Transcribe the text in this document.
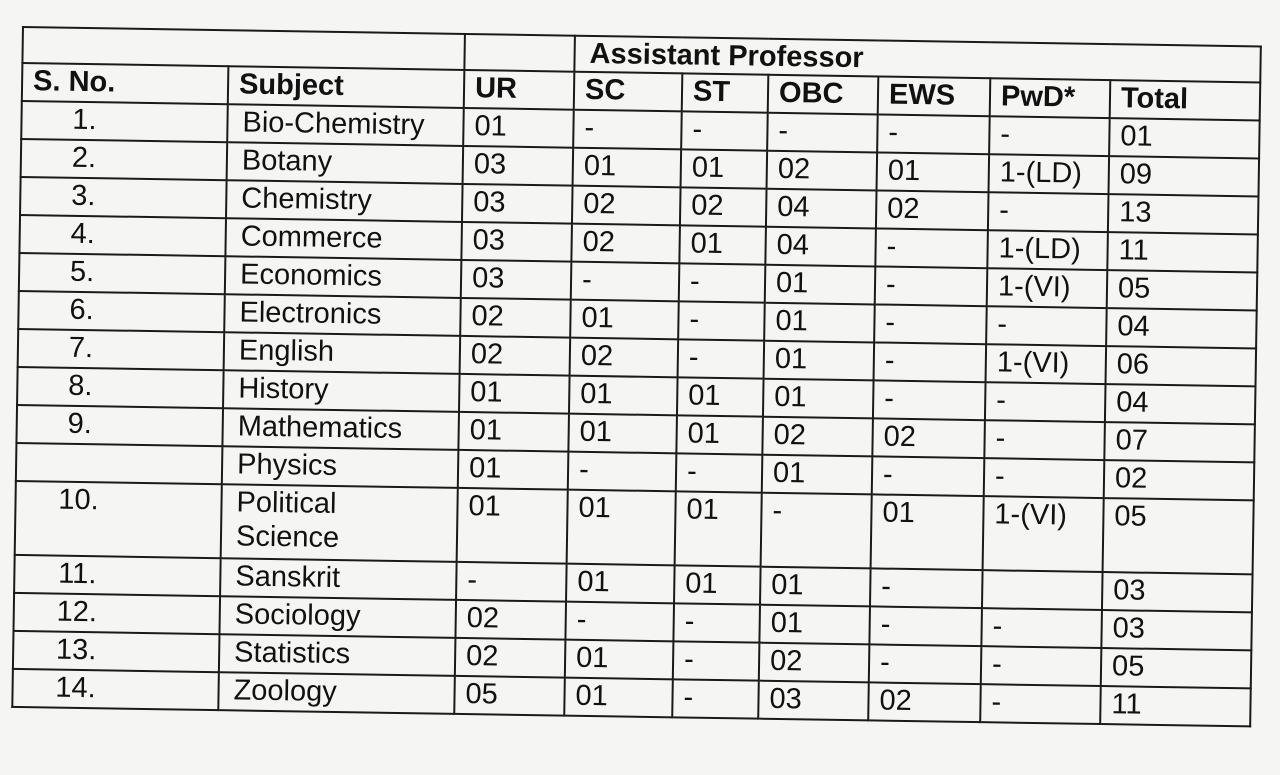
			Assistant Professor					
S. No.	Subject	UR	SC	ST	OBC	EWS	PwD*	Total
1.	Bio-Chemistry	01	-	-	-	-	-	01
2.	Botany	03	01	01	02	01	1-(LD)	09
3.	Chemistry	03	02	02	04	02	-	13
4.	Commerce	03	02	01	04	-	1-(LD)	11
5.	Economics	03	-	-	01	-	1-(VI)	05
6.	Electronics	02	01	-	01	-	-	04
7.	English	02	02	-	01	-	1-(VI)	06
8.	History	01	01	01	01	-	-	04
9.	Mathematics	01	01	01	02	02	-	07
	Physics	01	-	-	01	-	-	02
10.	Political Science	01	01	01	-	01	1-(VI)	05
11.	Sanskrit	-	01	01	01	-		03
12.	Sociology	02	-	-	01	-	-	03
13.	Statistics	02	01	-	02	-	-	05
14.	Zoology	05	01	-	03	02	-	11
